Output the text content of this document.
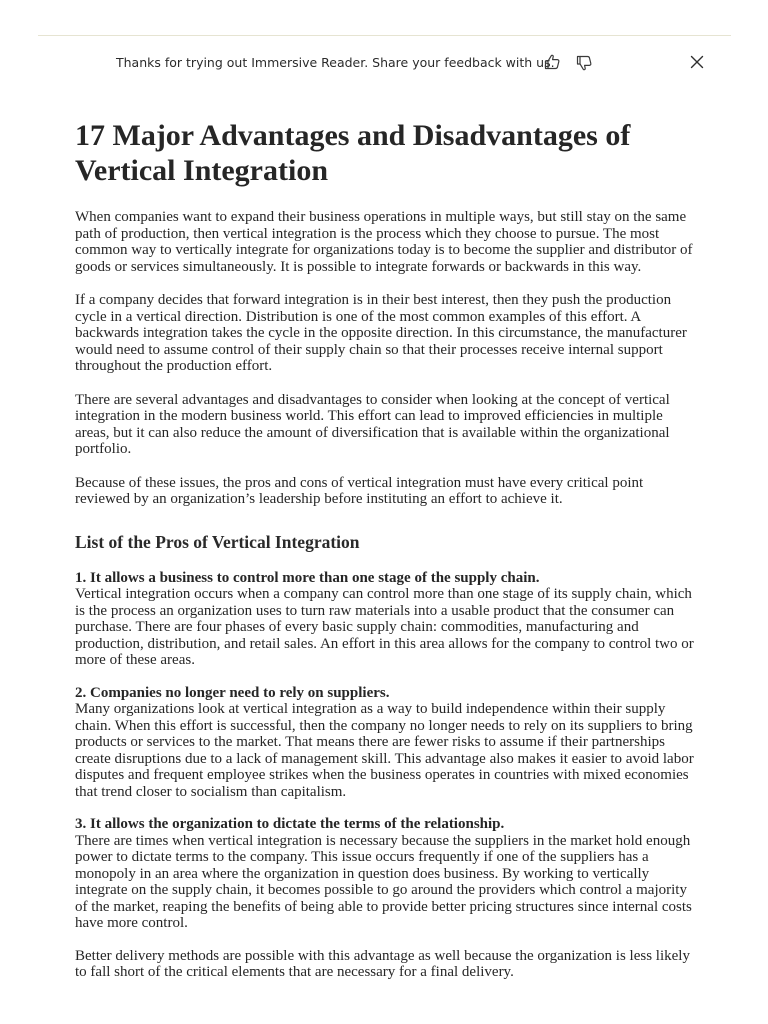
Thanks for trying out Immersive Reader. Share your feedback with us.
17 Major Advantages and Disadvantages of Vertical Integration

When companies want to expand their business operations in multiple ways, but still stay on the same path of production, then vertical integration is the process which they choose to pursue. The most common way to vertically integrate for organizations today is to become the supplier and distributor of goods or services simultaneously. It is possible to integrate forwards or backwards in this way.

If a company decides that forward integration is in their best interest, then they push the production cycle in a vertical direction. Distribution is one of the most common examples of this effort. A backwards integration takes the cycle in the opposite direction. In this circumstance, the manufacturer would need to assume control of their supply chain so that their processes receive internal support throughout the production effort.

There are several advantages and disadvantages to consider when looking at the concept of vertical integration in the modern business world. This effort can lead to improved efficiencies in multiple areas, but it can also reduce the amount of diversification that is available within the organizational portfolio.

Because of these issues, the pros and cons of vertical integration must have every critical point reviewed by an organization’s leadership before instituting an effort to achieve it.

List of the Pros of Vertical Integration
1. It allows a business to control more than one stage of the supply chain.
Vertical integration occurs when a company can control more than one stage of its supply chain, which is the process an organization uses to turn raw materials into a usable product that the consumer can purchase. There are four phases of every basic supply chain: commodities, manufacturing and production, distribution, and retail sales. An effort in this area allows for the company to control two or more of these areas.
2. Companies no longer need to rely on suppliers.
Many organizations look at vertical integration as a way to build independence within their supply chain. When this effort is successful, then the company no longer needs to rely on its suppliers to bring products or services to the market. That means there are fewer risks to assume if their partnerships create disruptions due to a lack of management skill. This advantage also makes it easier to avoid labor disputes and frequent employee strikes when the business operates in countries with mixed economies that trend closer to socialism than capitalism.
3. It allows the organization to dictate the terms of the relationship.
There are times when vertical integration is necessary because the suppliers in the market hold enough power to dictate terms to the company. This issue occurs frequently if one of the suppliers has a monopoly in an area where the organization in question does business. By working to vertically integrate on the supply chain, it becomes possible to go around the providers which control a majority of the market, reaping the benefits of being able to provide better pricing structures since internal costs have more control.

Better delivery methods are possible with this advantage as well because the organization is less likely to fall short of the critical elements that are necessary for a final delivery.
